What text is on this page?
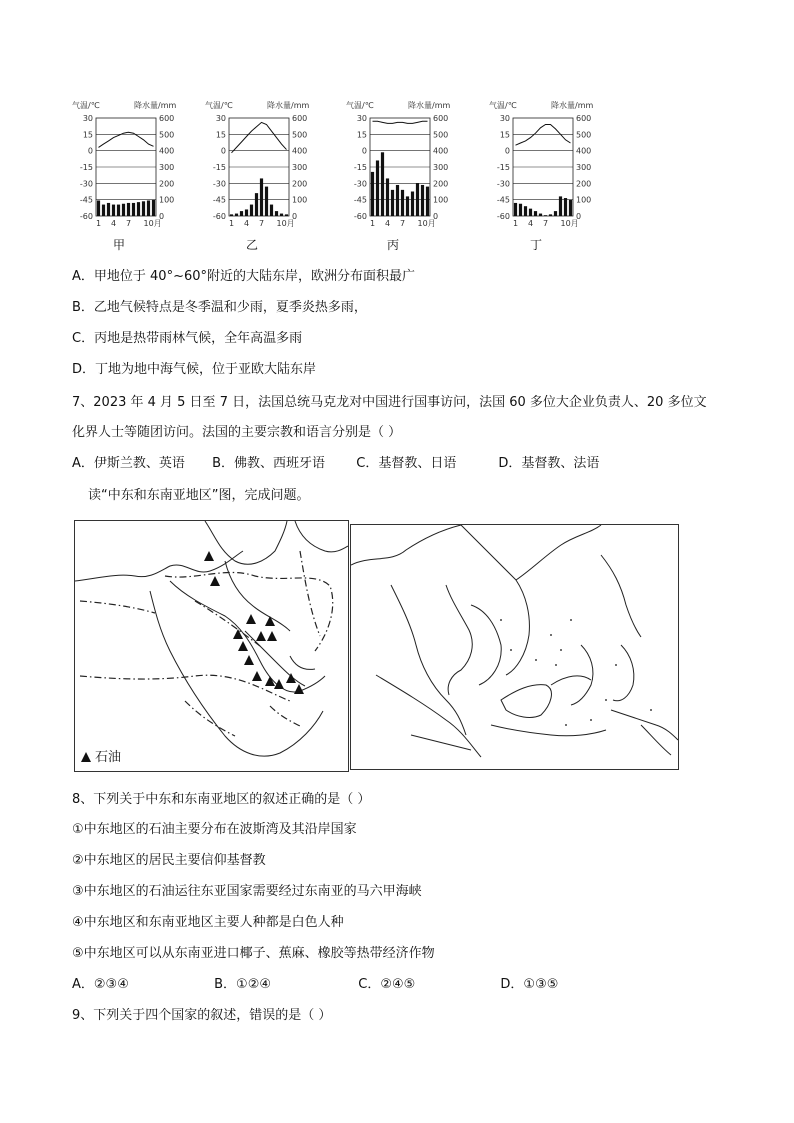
气温/℃	降水量/mm
30	600
15	500
0	400
-15	300
-30	200
-45	100
-60	0
1 4 7 10月
甲
气温/℃	降水量/mm
30	600
15	500
0	400
-15	300
-30	200
-45	100
-60	0
1 4 7 10月
乙
气温/℃	降水量/mm
30	600
15	500
0	400
-15	300
-30	200
-45	100
-60	0
1 4 7 10月
丙
气温/℃	降水量/mm
30	600
15	500
0	400
-15	300
-30	200
-45	100
-60	0
1 4 7 10月
丁
A．甲地位于 40°~60°附近的大陆东岸，欧洲分布面积最广
B．乙地气候特点是冬季温和少雨，夏季炎热多雨，
C．丙地是热带雨林气候，全年高温多雨
D．丁地为地中海气候，位于亚欧大陆东岸
7、2023 年 4 月 5 日至 7 日，法国总统马克龙对中国进行国事访问，法国 60 多位大企业负责人、20 多位文
化界人士等随团访问。法国的主要宗教和语言分别是（ ）
A．伊斯兰教、英语 B．佛教、西班牙语 C．基督教、日语	D．基督教、法语
读“中东和东南亚地区”图，完成问题。
石油
8、下列关于中东和东南亚地区的叙述正确的是（ ）
①中东地区的石油主要分布在波斯湾及其沿岸国家
②中东地区的居民主要信仰基督教
③中东地区的石油运往东亚国家需要经过东南亚的马六甲海峡
④中东地区和东南亚地区主要人种都是白色人种
⑤中东地区可以从东南亚进口椰子、蕉麻、橡胶等热带经济作物
A．②③④	B．①②④	C．②④⑤	D．①③⑤
9、下列关于四个国家的叙述，错误的是（ ）
